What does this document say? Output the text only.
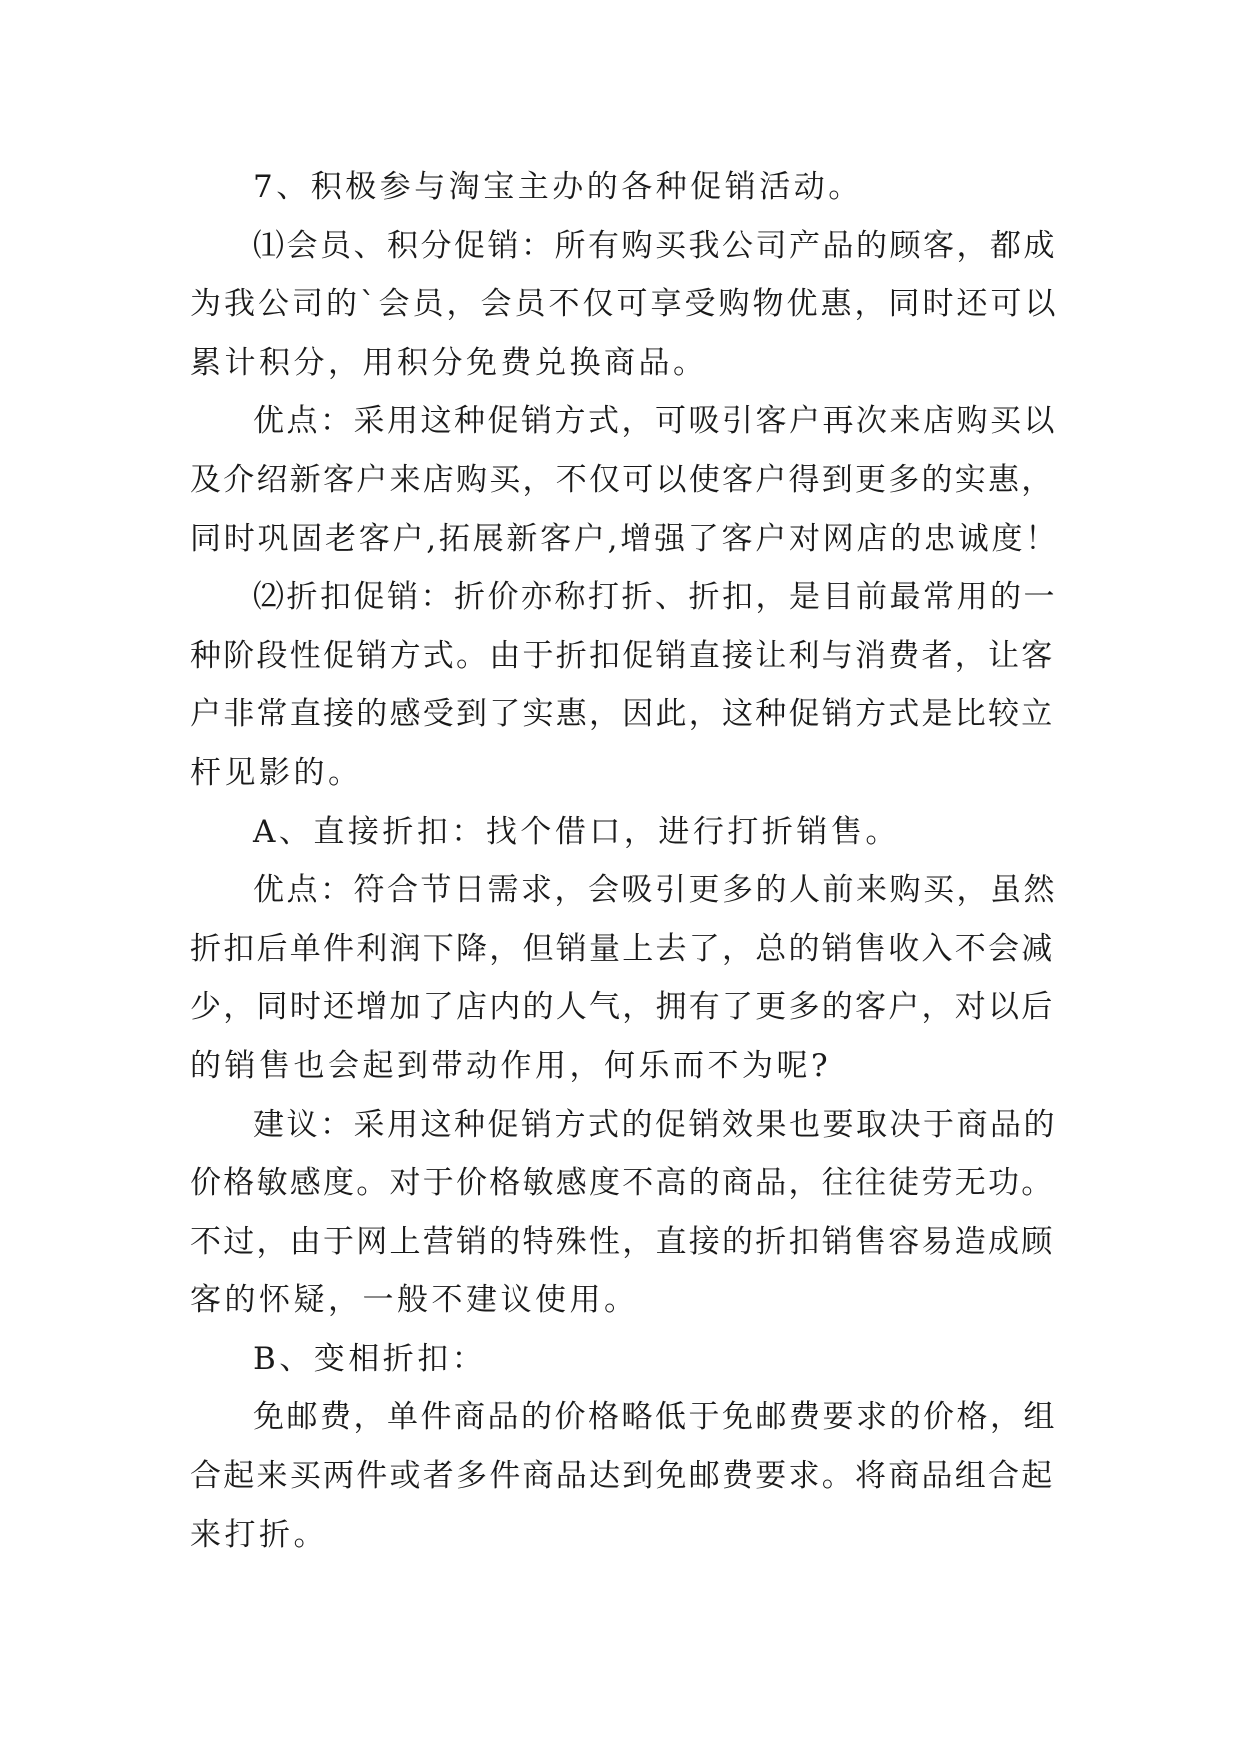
7、积极参与淘宝主办的各种促销活动。
⑴会员、积分促销：所有购买我公司产品的顾客，都成
为我公司的`会员，会员不仅可享受购物优惠，同时还可以
累计积分，用积分免费兑换商品。
优点：采用这种促销方式，可吸引客户再次来店购买以
及介绍新客户来店购买，不仅可以使客户得到更多的实惠，
同时巩固老客户,拓展新客户,增强了客户对网店的忠诚度！
⑵折扣促销：折价亦称打折、折扣，是目前最常用的一
种阶段性促销方式。由于折扣促销直接让利与消费者，让客
户非常直接的感受到了实惠，因此，这种促销方式是比较立
杆见影的。
A、直接折扣：找个借口，进行打折销售。
优点：符合节日需求，会吸引更多的人前来购买，虽然
折扣后单件利润下降，但销量上去了，总的销售收入不会减
少，同时还增加了店内的人气，拥有了更多的客户，对以后
的销售也会起到带动作用，何乐而不为呢?
建议：采用这种促销方式的促销效果也要取决于商品的
价格敏感度。对于价格敏感度不高的商品，往往徒劳无功。
不过，由于网上营销的特殊性，直接的折扣销售容易造成顾
客的怀疑，一般不建议使用。
B、变相折扣：
免邮费，单件商品的价格略低于免邮费要求的价格，组
合起来买两件或者多件商品达到免邮费要求。将商品组合起
来打折。
